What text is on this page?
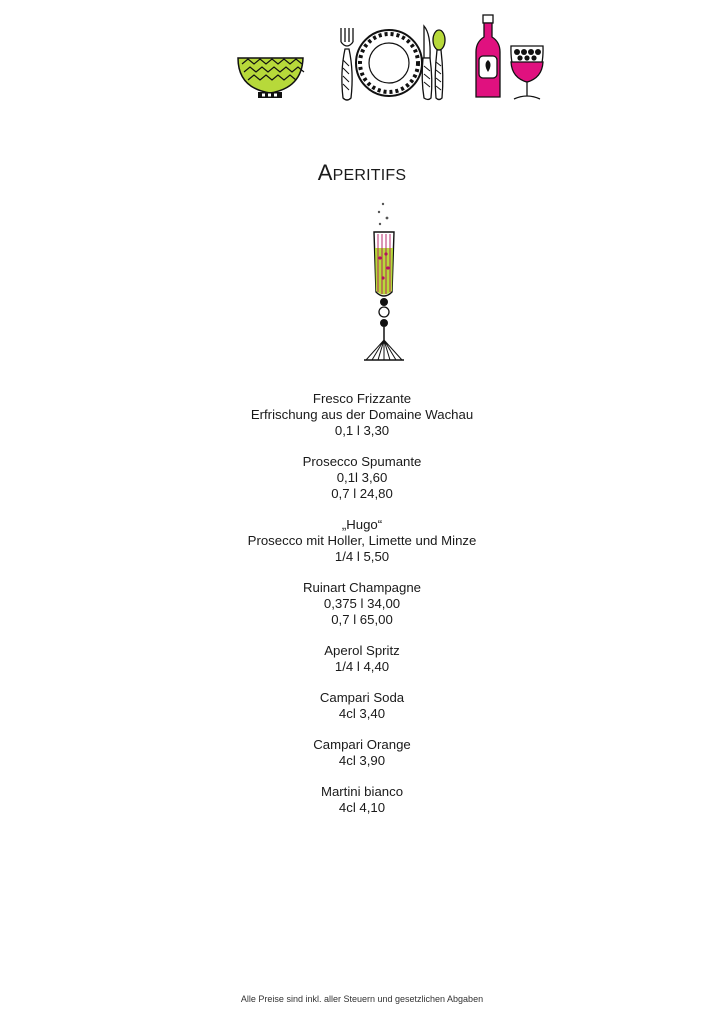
APERITIFS
Fresco Frizzante
Erfrischung aus der Domaine Wachau
0,1 l 3,30
Prosecco Spumante
0,1l 3,60
0,7 l 24,80
„Hugo“
Prosecco mit Holler, Limette und Minze
1/4 l 5,50
Ruinart Champagne
0,375 l 34,00
0,7 l 65,00
Aperol Spritz
1/4 l 4,40
Campari Soda
4cl 3,40
Campari Orange
4cl 3,90
Martini bianco
4cl 4,10
Alle Preise sind inkl. aller Steuern und gesetzlichen Abgaben
